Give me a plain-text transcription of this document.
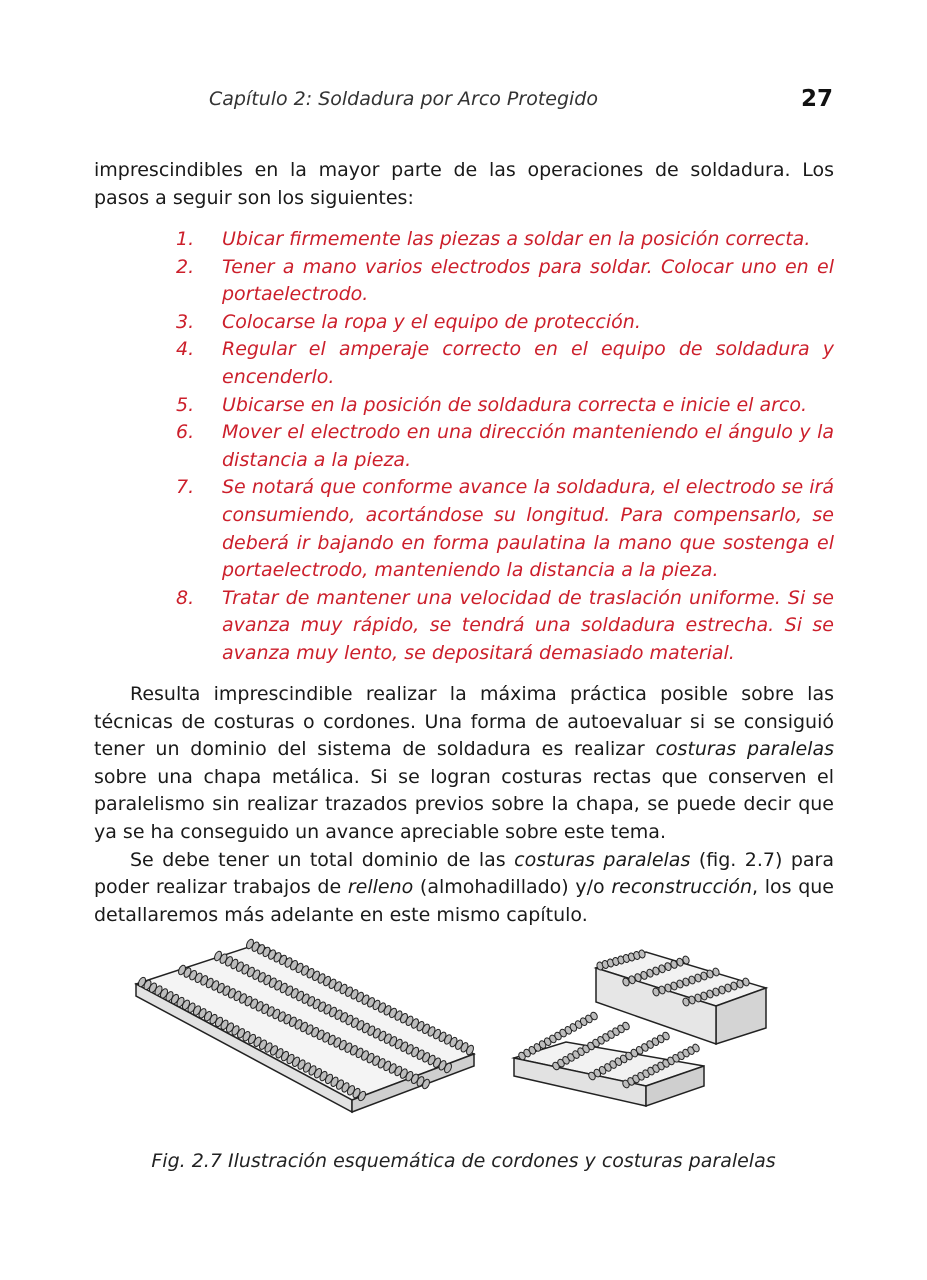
Capítulo 2: Soldadura por Arco Protegido	27

imprescindibles en la mayor parte de las operaciones de soldadura. Los pasos a seguir son los siguientes:

1. Ubicar firmemente las piezas a soldar en la posición correcta.
2. Tener a mano varios electrodos para soldar. Colocar uno en el portaelectrodo.
3. Colocarse la ropa y el equipo de protección.
4. Regular el amperaje correcto en el equipo de soldadura y encenderlo.
5. Ubicarse en la posición de soldadura correcta e inicie el arco.
6. Mover el electrodo en una dirección manteniendo el ángulo y la distancia a la pieza.
7. Se notará que conforme avance la soldadura, el electrodo se irá consumiendo, acortándose su longitud. Para compensarlo, se deberá ir bajando en forma paulatina la mano que sostenga el portaelectrodo, manteniendo la distancia a la pieza.
8. Tratar de mantener una velocidad de traslación uniforme. Si se avanza muy rápido, se tendrá una soldadura estrecha. Si se avanza muy lento, se depositará demasiado material.

Resulta imprescindible realizar la máxima práctica posible sobre las técnicas de costuras o cordones. Una forma de autoevaluar si se consiguió tener un dominio del sistema de soldadura es realizar costuras paralelas sobre una chapa metálica. Si se logran costuras rectas que conserven el paralelismo sin realizar trazados previos sobre la chapa, se puede decir que ya se ha conseguido un avance apreciable sobre este tema.

Se debe tener un total dominio de las costuras paralelas (fig. 2.7) para poder realizar trabajos de relleno (almohadillado) y/o reconstrucción, los que detallaremos más adelante en este mismo capítulo.

Fig. 2.7 Ilustración esquemática de cordones y costuras paralelas
